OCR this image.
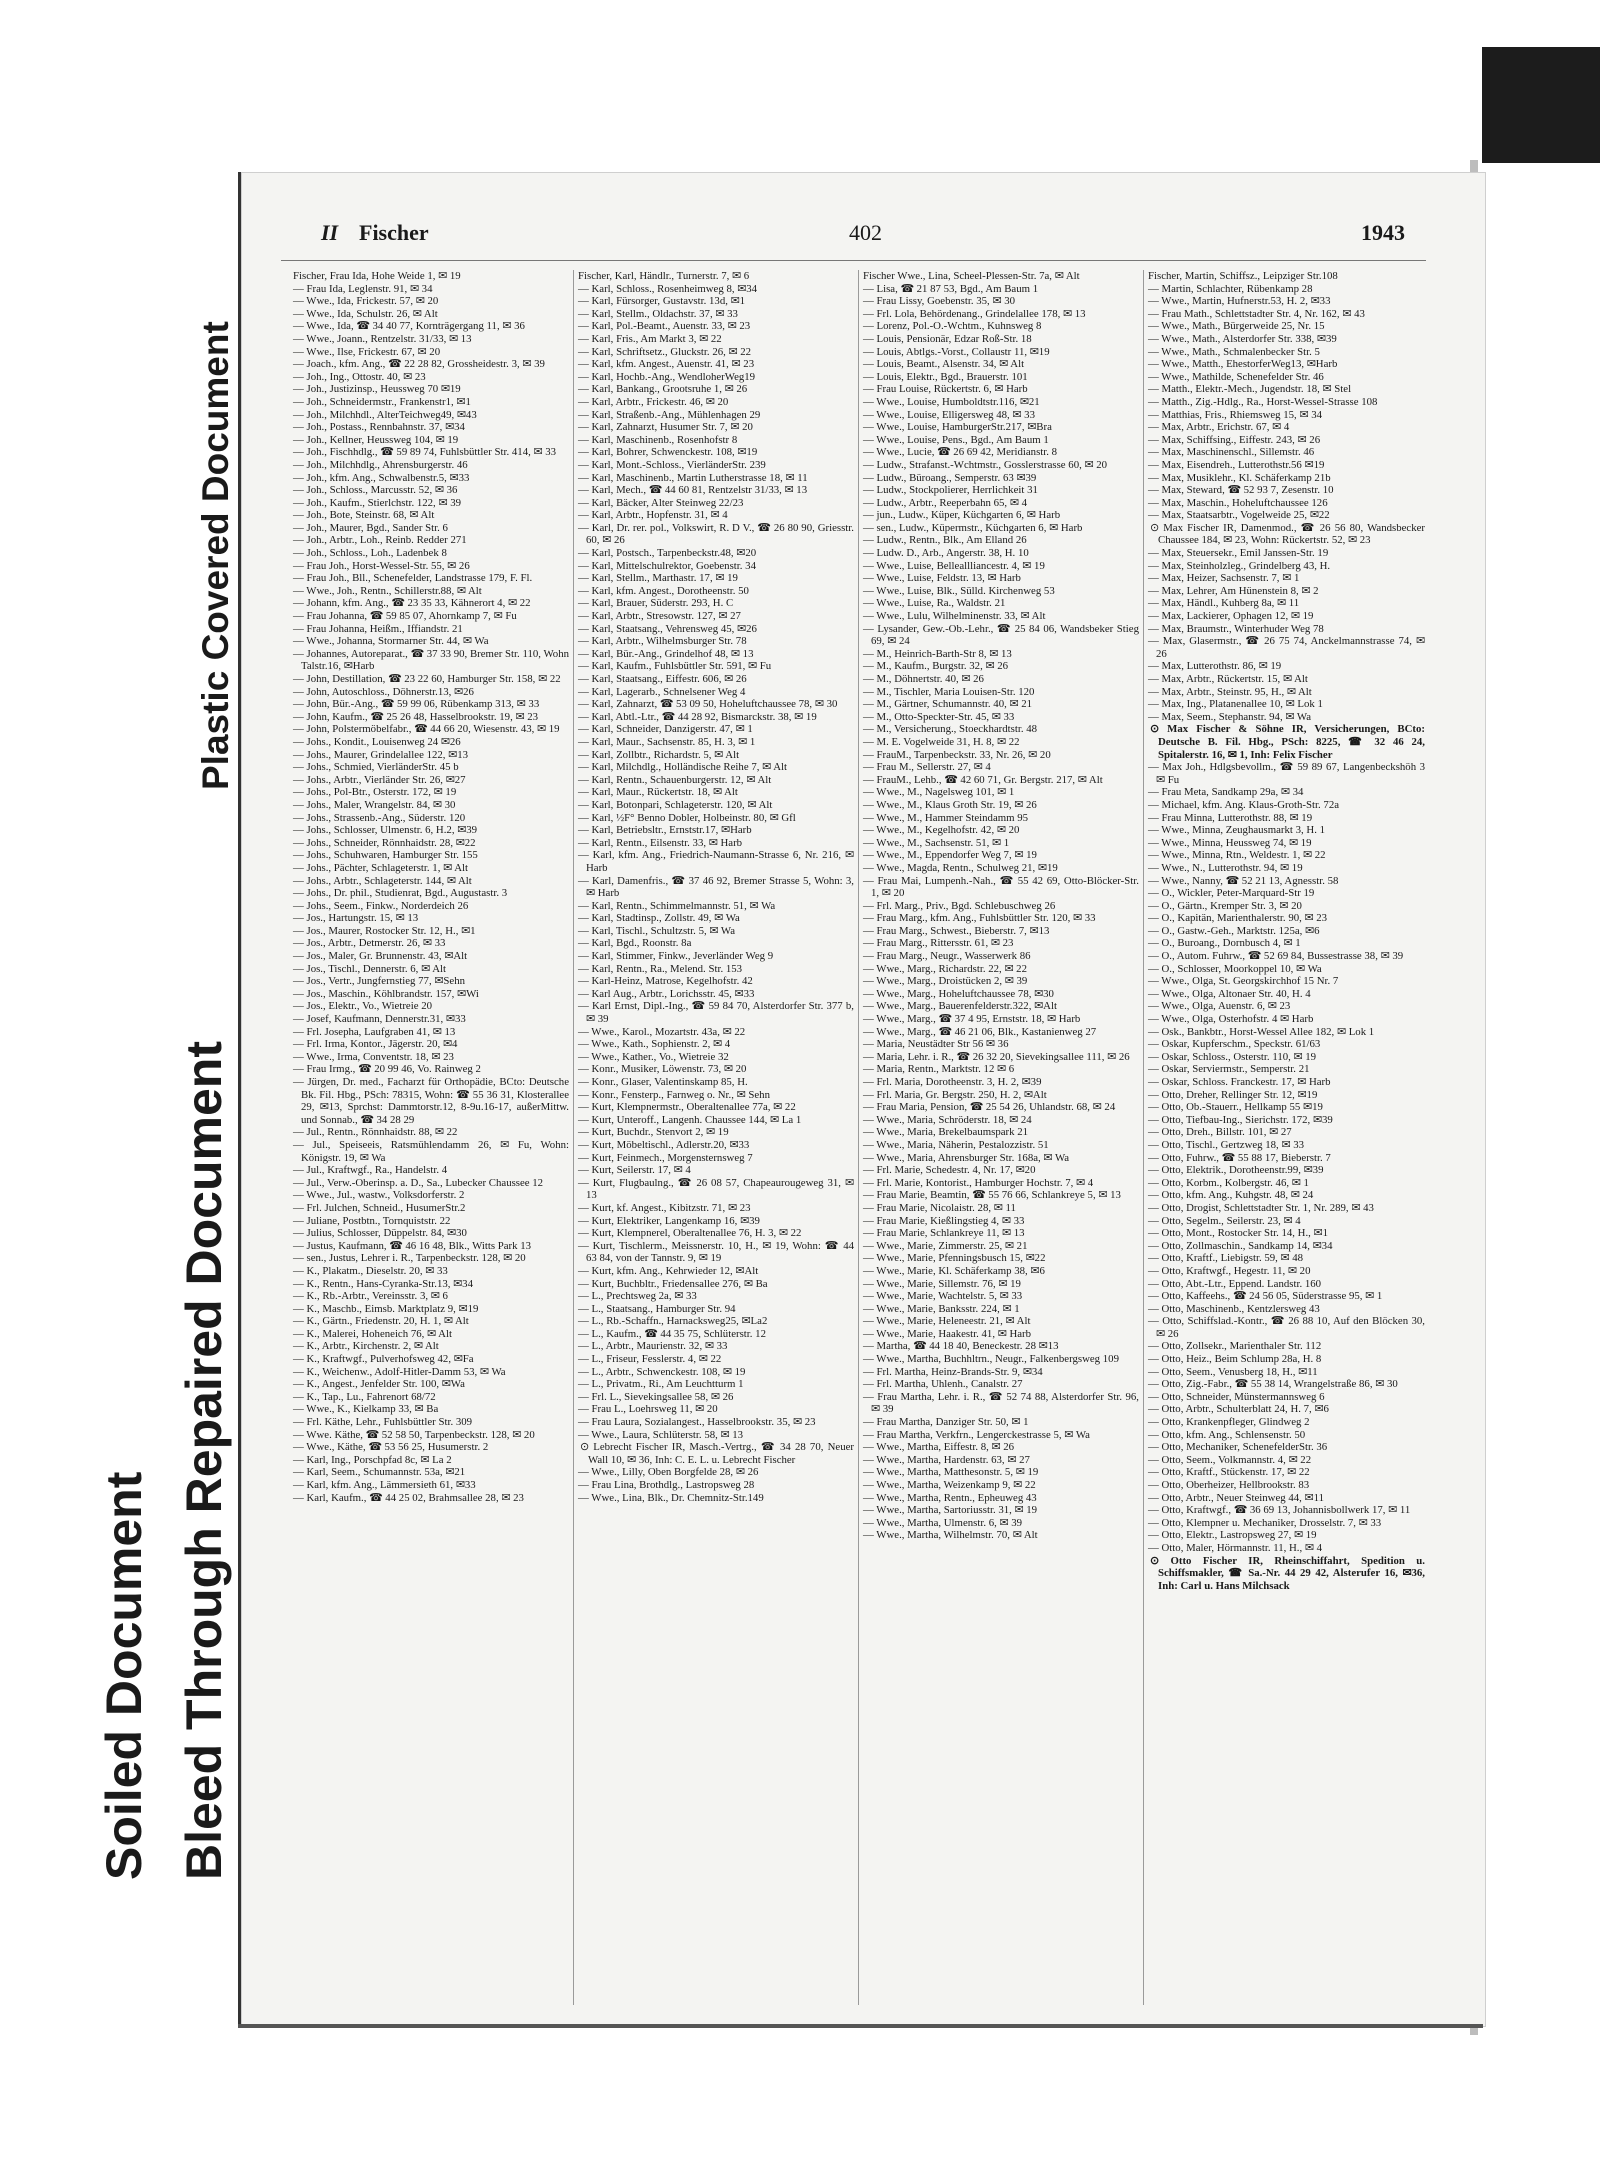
Soiled Document Bleed Through Repaired Document
Plastic Covered Document
II Fischer	402	1943

Fischer, Frau Ida, Hohe Weide 1, ✉ 19

— Frau Ida, Leglenstr. 91, ✉ 34

— Wwe., Ida, Frickestr. 57, ✉ 20

— Wwe., Ida, Schulstr. 26, ✉ Alt

— Wwe., Ida, ☎ 34 40 77, Kornträgergang 11, ✉ 36

— Wwe., Joann., Rentzelstr. 31/33, ✉ 13

— Wwe., Ilse, Frickestr. 67, ✉ 20

— Joach., kfm. Ang., ☎ 22 28 82, Grossheidestr. 3, ✉ 39

— Joh., Ing., Ottostr. 40, ✉ 23

— Joh., Justizinsp., Heussweg 70 ✉19

— Joh., Schneidermstr., Frankenstr1, ✉1

— Joh., Milchhdl., AlterTeichweg49, ✉43

— Joh., Postass., Rennbahnstr. 37, ✉34

— Joh., Kellner, Heussweg 104, ✉ 19

— Joh., Fischhdlg., ☎ 59 89 74, Fuhlsbüttler Str. 414, ✉ 33

— Joh., Milchhdlg., Ahrensburgerstr. 46

— Joh., kfm. Ang., Schwalbenstr.5, ✉33

— Joh., Schloss., Marcusstr. 52, ✉ 36

— Joh., Kaufm., Stierlchstr. 122, ✉ 39

— Joh., Bote, Steinstr. 68, ✉ Alt

— Joh., Maurer, Bgd., Sander Str. 6

— Joh., Arbtr., Loh., Reinb. Redder 271

— Joh., Schloss., Loh., Ladenbek 8

— Frau Joh., Horst-Wessel-Str. 55, ✉ 26

— Frau Joh., Bll., Schenefelder, Landstrasse 179, F. Fl.

— Wwe., Joh., Rentn., Schillerstr.88, ✉ Alt

— Johann, kfm. Ang., ☎ 23 35 33, Kähnerort 4, ✉ 22

— Frau Johanna, ☎ 59 85 07, Ahornkamp 7, ✉ Fu

— Frau Johanna, Heißm., Iffiandstr. 21

— Wwe., Johanna, Stormarner Str. 44, ✉ Wa

— Johannes, Autoreparat., ☎ 37 33 90, Bremer Str. 110, Wohn Talstr.16, ✉Harb

— John, Destillation, ☎ 23 22 60, Hamburger Str. 158, ✉ 22

— John, Autoschloss., Döhnerstr.13, ✉26

— John, Bür.-Ang., ☎ 59 99 06, Rübenkamp 313, ✉ 33

— John, Kaufm., ☎ 25 26 48, Hasselbrookstr. 19, ✉ 23

— John, Polstermöbelfabr., ☎ 44 66 20, Wiesenstr. 43, ✉ 19

— Johs., Kondit., Louisenweg 24 ✉26

— Johs., Maurer, Grindelallee 122, ✉13

— Johs., Schmied, VierländerStr. 45 b

— Johs., Arbtr., Vierländer Str. 26, ✉27

— Johs., Pol-Btr., Osterstr. 172, ✉ 19

— Johs., Maler, Wrangelstr. 84, ✉ 30

— Johs., Strassenb.-Ang., Süderstr. 120

— Johs., Schlosser, Ulmenstr. 6, H.2, ✉39

— Johs., Schneider, Rönnhaidstr. 28, ✉22

— Johs., Schuhwaren, Hamburger Str. 155

— Johs., Pächter, Schlageterstr. 1, ✉ Alt

— Johs., Arbtr., Schlageterstr. 144, ✉ Alt

— Johs., Dr. phil., Studienrat, Bgd., Augustastr. 3

— Johs., Seem., Finkw., Norderdeich 26

— Jos., Hartungstr. 15, ✉ 13

— Jos., Maurer, Rostocker Str. 12, H., ✉1

— Jos., Arbtr., Detmerstr. 26, ✉ 33

— Jos., Maler, Gr. Brunnenstr. 43, ✉Alt

— Jos., Tischl., Dennerstr. 6, ✉ Alt

— Jos., Vertr., Jungfernstieg 77, ✉Sehn

— Jos., Maschin., Köhlbrandstr. 157, ✉Wi

— Jos., Elektr., Vo., Wietreie 20

— Josef, Kaufmann, Dennerstr.31, ✉33

— Frl. Josepha, Laufgraben 41, ✉ 13

— Frl. Irma, Kontor., Jägerstr. 20, ✉4

— Wwe., Irma, Conventstr. 18, ✉ 23

— Frau Irmg., ☎ 20 99 46, Vo. Rainweg 2

— Jürgen, Dr. med., Facharzt für Orthopädie, BCto: Deutsche Bk. Fil. Hbg., PSch: 78315, Wohn: ☎ 55 36 31, Klosterallee 29, ✉13, Sprchst: Dammtorstr.12, 8-9u.16-17, außerMittw. und Sonnab., ☎ 34 28 29

— Jul., Rentn., Rönnhaidstr. 88, ✉ 22

— Jul., Speiseeis, Ratsmühlendamm 26, ✉ Fu, Wohn: Königstr. 19, ✉ Wa

— Jul., Kraftwgf., Ra., Handelstr. 4

— Jul., Verw.-Oberinsp. a. D., Sa., Lubecker Chaussee 12

— Wwe., Jul., wastw., Volksdorferstr. 2

— Frl. Julchen, Schneid., HusumerStr.2

— Juliane, Postbtn., Tornquiststr. 22

— Julius, Schlosser, Düppelstr. 84, ✉30

— Justus, Kaufmann, ☎ 46 16 48, Blk., Witts Park 13

— sen., Justus, Lehrer i. R., Tarpenbeckstr. 128, ✉ 20

— K., Plakatm., Dieselstr. 20, ✉ 33

— K., Rentn., Hans-Cyranka-Str.13, ✉34

— K., Rb.-Arbtr., Vereinsstr. 3, ✉ 6

— K., Maschb., Eimsb. Marktplatz 9, ✉19

— K., Gärtn., Friedenstr. 20, H. 1, ✉ Alt

— K., Malerei, Hoheneich 76, ✉ Alt

— K., Arbtr., Kirchenstr. 2, ✉ Alt

— K., Kraftwgf., Pulverhofsweg 42, ✉Fa

— K., Weichenw., Adolf-Hitler-Damm 53, ✉ Wa

— K., Angest., Jenfelder Str. 100, ✉Wa

— K., Tap., Lu., Fahrenort 68/72

— Wwe., K., Kielkamp 33, ✉ Ba

— Frl. Käthe, Lehr., Fuhlsbüttler Str. 309

— Wwe. Käthe, ☎ 52 58 50, Tarpenbeckstr. 128, ✉ 20

— Wwe., Käthe, ☎ 53 56 25, Husumerstr. 2

— Karl, Ing., Porschpfad 8c, ✉ La 2

— Karl, Seem., Schumannstr. 53a, ✉21

— Karl, kfm. Ang., Lämmersieth 61, ✉33

— Karl, Kaufm., ☎ 44 25 02, Brahmsallee 28, ✉ 23

Fischer, Karl, Händlr., Turnerstr. 7, ✉ 6

— Karl, Schloss., Rosenheimweg 8, ✉34

— Karl, Fürsorger, Gustavstr. 13d, ✉1

— Karl, Stellm., Oldachstr. 37, ✉ 33

— Karl, Pol.-Beamt., Auenstr. 33, ✉ 23

— Karl, Fris., Am Markt 3, ✉ 22

— Karl, Schriftsetz., Gluckstr. 26, ✉ 22

— Karl, kfm. Angest., Auenstr. 41, ✉ 23

— Karl, Hochb.-Ang., WendloherWeg19

— Karl, Bankang., Grootsruhe 1, ✉ 26

— Karl, Arbtr., Frickestr. 46, ✉ 20

— Karl, Straßenb.-Ang., Mühlenhagen 29

— Karl, Zahnarzt, Husumer Str. 7, ✉ 20

— Karl, Maschinenb., Rosenhofstr 8

— Karl, Bohrer, Schwenckestr. 108, ✉19

— Karl, Mont.-Schloss., VierländerStr. 239

— Karl, Maschinenb., Martin Lutherstrasse 18, ✉ 11

— Karl, Mech., ☎ 44 60 81, Rentzelstr 31/33, ✉ 13

— Karl, Bäcker, Alter Steinweg 22/23

— Karl, Arbtr., Hopfenstr. 31, ✉ 4

— Karl, Dr. rer. pol., Volkswirt, R. D V., ☎ 26 80 90, Griesstr. 60, ✉ 26

— Karl, Postsch., Tarpenbeckstr.48, ✉20

— Karl, Mittelschulrektor, Goebenstr. 34

— Karl, Stellm., Marthastr. 17, ✉ 19

— Karl, kfm. Angest., Dorotheenstr. 50

— Karl, Brauer, Süderstr. 293, H. C

— Karl, Arbtr., Stresowstr. 127, ✉ 27

— Karl, Staatsang., Vehrensweg 45, ✉26

— Karl, Arbtr., Wilhelmsburger Str. 78

— Karl, Bür.-Ang., Grindelhof 48, ✉ 13

— Karl, Kaufm., Fuhlsbüttler Str. 591, ✉ Fu

— Karl, Staatsang., Eiffestr. 606, ✉ 26

— Karl, Lagerarb., Schnelsener Weg 4

— Karl, Zahnarzt, ☎ 53 09 50, Hoheluftchaussee 78, ✉ 30

— Karl, Abtl.-Ltr., ☎ 44 28 92, Bismarckstr. 38, ✉ 19

— Karl, Schneider, Danzigerstr. 47, ✉ 1

— Karl, Maur., Sachsenstr. 85, H. 3, ✉ 1

— Karl, Zollbtr., Richardstr. 5, ✉ Alt

— Karl, Milchdlg., Holländische Reihe 7, ✉ Alt

— Karl, Rentn., Schauenburgerstr. 12, ✉ Alt

— Karl, Maur., Rückertstr. 18, ✉ Alt

— Karl, Botonpari, Schlageterstr. 120, ✉ Alt

— Karl, ½F° Benno Dobler, Holbeinstr. 80, ✉ Gfl

— Karl, Betriebsltr., Ernststr.17, ✉Harb

— Karl, Rentn., Eilsenstr. 33, ✉ Harb

— Karl, kfm. Ang., Friedrich-Naumann-Strasse 6, Nr. 216, ✉ Harb

— Karl, Damenfris., ☎ 37 46 92, Bremer Strasse 5, Wohn: 3, ✉ Harb

— Karl, Rentn., Schimmelmannstr. 51, ✉ Wa

— Karl, Stadtinsp., Zollstr. 49, ✉ Wa

— Karl, Tischl., Schultzstr. 5, ✉ Wa

— Karl, Bgd., Roonstr. 8a

— Karl, Stimmer, Finkw., Jeverländer Weg 9

— Karl, Rentn., Ra., Melend. Str. 153

— Karl-Heinz, Matrose, Kegelhofstr. 42

— Karl Aug., Arbtr., Lorichsstr. 45, ✉33

— Karl Ernst, Dipl.-Ing., ☎ 59 84 70, Alsterdorfer Str. 377 b, ✉ 39

— Wwe., Karol., Mozartstr. 43a, ✉ 22

— Wwe., Kath., Sophienstr. 2, ✉ 4

— Wwe., Kather., Vo., Wietreie 32

— Konr., Musiker, Löwenstr. 73, ✉ 20

— Konr., Glaser, Valentinskamp 85, H.

— Konr., Fensterp., Farnweg o. Nr., ✉ Sehn

— Kurt, Klempnermstr., Oberaltenallee 77a, ✉ 22

— Kurt, Unteroff., Langenh. Chaussee 144, ✉ La 1

— Kurt, Buchdr., Stenvort 2, ✉ 19

— Kurt, Möbeltischl., Adlerstr.20, ✉33

— Kurt, Feinmech., Morgensternsweg 7

— Kurt, Seilerstr. 17, ✉ 4

— Kurt, Flugbaulng., ☎ 26 08 57, Chapeaurougeweg 31, ✉ 13

— Kurt, kf. Angest., Kibitzstr. 71, ✉ 23

— Kurt, Elektriker, Langenkamp 16, ✉39

— Kurt, Klempnerel, Oberaltenallee 76, H. 3, ✉ 22

— Kurt, Tischlerm., Meissnerstr. 10, H., ✉ 19, Wohn: ☎ 44 63 84, von der Tannstr. 9, ✉ 19

— Kurt, kfm. Ang., Kehrwieder 12, ✉Alt

— Kurt, Buchbltr., Friedensallee 276, ✉ Ba

— L., Prechtsweg 2a, ✉ 33

— L., Staatsang., Hamburger Str. 94

— L., Rb.-Schaffn., Harnacksweg25, ✉La2

— L., Kaufm., ☎ 44 35 75, Schlüterstr. 12

— L., Arbtr., Maurienstr. 32, ✉ 33

— L., Friseur, Fesslerstr. 4, ✉ 22

— L., Arbtr., Schwenckestr. 108, ✉ 19

— L., Privatm., Ri., Am Leuchtturm 1

— Frl. L., Sievekingsallee 58, ✉ 26

— Frau L., Loehrsweg 11, ✉ 20

— Frau Laura, Sozialangest., Hasselbrookstr. 35, ✉ 23

— Wwe., Laura, Schlüterstr. 58, ✉ 13

⊙ Lebrecht Fischer IR, Masch.-Vertrg., ☎ 34 28 70, Neuer Wall 10, ✉ 36, Inh: C. E. L. u. Lebrecht Fischer

— Wwe., Lilly, Oben Borgfelde 28, ✉ 26

— Frau Lina, Brothdlg., Lastropsweg 28

— Wwe., Lina, Blk., Dr. Chemnitz-Str.149

Fischer Wwe., Lina, Scheel-Plessen-Str. 7a, ✉ Alt

— Lisa, ☎ 21 87 53, Bgd., Am Baum 1

— Frau Lissy, Goebenstr. 35, ✉ 30

— Frl. Lola, Behördenang., Grindelallee 178, ✉ 13

— Lorenz, Pol.-O.-Wchtm., Kuhnsweg 8

— Louis, Pensionär, Edzar Roß-Str. 18

— Louis, Abtlgs.-Vorst., Collaustr 11, ✉19

— Louis, Beamt., Alsenstr. 34, ✉ Alt

— Louis, Elektr., Bgd., Brauerstr. 101

— Frau Louise, Rückertstr. 6, ✉ Harb

— Wwe., Louise, Humboldtstr.116, ✉21

— Wwe., Louise, Elligersweg 48, ✉ 33

— Wwe., Louise, HamburgerStr.217, ✉Bra

— Wwe., Louise, Pens., Bgd., Am Baum 1

— Wwe., Lucie, ☎ 26 69 42, Meridianstr. 8

— Ludw., Strafanst.-Wchtmstr., Gosslerstrasse 60, ✉ 20

— Ludw., Büroang., Semperstr. 63 ✉39

— Ludw., Stockpolierer, Herrlichkeit 31

— Ludw., Arbtr., Reeperbahn 65, ✉ 4

— jun., Ludw., Küper, Küchgarten 6, ✉ Harb

— sen., Ludw., Küpermstr., Küchgarten 6, ✉ Harb

— Ludw., Rentn., Blk., Am Elland 26

— Ludw. D., Arb., Angerstr. 38, H. 10

— Wwe., Luise, Belleallliancestr. 4, ✉ 19

— Wwe., Luise, Feldstr. 13, ✉ Harb

— Wwe., Luise, Blk., Sülld. Kirchenweg 53

— Wwe., Luise, Ra., Waldstr. 21

— Wwe., Lulu, Wilhelminenstr. 33, ✉ Alt

— Lysander, Gew.-Ob.-Lehr., ☎ 25 84 06, Wandsbeker Stieg 69, ✉ 24

— M., Heinrich-Barth-Str 8, ✉ 13

— M., Kaufm., Burgstr. 32, ✉ 26

— M., Döhnertstr. 40, ✉ 26

— M., Tischler, Maria Louisen-Str. 120

— M., Gärtner, Schumannstr. 40, ✉ 21

— M., Otto-Speckter-Str. 45, ✉ 33

— M., Versicherung., Stoeckhardtstr. 48

— M. E. Vogelweide 31, H. 8, ✉ 22

— FrauM., Tarpenbeckstr. 33, Nr. 26, ✉ 20

— Frau M., Sellerstr. 27, ✉ 4

— FrauM., Lehb., ☎ 42 60 71, Gr. Bergstr. 217, ✉ Alt

— Wwe., M., Nagelsweg 101, ✉ 1

— Wwe., M., Klaus Groth Str. 19, ✉ 26

— Wwe., M., Hammer Steindamm 95

— Wwe., M., Kegelhofstr. 42, ✉ 20

— Wwe., M., Sachsenstr. 51, ✉ 1

— Wwe., M., Eppendorfer Weg 7, ✉ 19

— Wwe., Magda, Rentn., Schulweg 21, ✉19

— Frau Mai, Lumpenh.-Nah., ☎ 55 42 69, Otto-Blöcker-Str. 1, ✉ 20

— Frl. Marg., Priv., Bgd. Schlebuschweg 26

— Frau Marg., kfm. Ang., Fuhlsbüttler Str. 120, ✉ 33

— Frau Marg., Schwest., Bieberstr. 7, ✉13

— Frau Marg., Rittersstr. 61, ✉ 23

— Frau Marg., Neugr., Wasserwerk 86

— Wwe., Marg., Richardstr. 22, ✉ 22

— Wwe., Marg., Droistücken 2, ✉ 39

— Wwe., Marg., Hoheluftchaussee 78, ✉30

— Wwe., Marg., Bauerenfelderstr.322, ✉Alt

— Wwe., Marg., ☎ 37 4 95, Ernststr. 18, ✉ Harb

— Wwe., Marg., ☎ 46 21 06, Blk., Kastanienweg 27

— Maria, Neustädter Str 56 ✉ 36

— Maria, Lehr. i. R., ☎ 26 32 20, Sievekingsallee 111, ✉ 26

— Maria, Rentn., Marktstr. 12 ✉ 6

— Frl. Maria, Dorotheenstr. 3, H. 2, ✉39

— Frl. Maria, Gr. Bergstr. 250, H. 2, ✉Alt

— Frau Maria, Pension, ☎ 25 54 26, Uhlandstr. 68, ✉ 24

— Wwe., Maria, Schröderstr. 18, ✉ 24

— Wwe., Maria, Brekelbaumspark 21

— Wwe., Maria, Näherin, Pestalozzistr. 51

— Wwe., Maria, Ahrensburger Str. 168a, ✉ Wa

— Frl. Marie, Schedestr. 4, Nr. 17, ✉20

— Frl. Marie, Kontorist., Hamburger Hochstr. 7, ✉ 4

— Frau Marie, Beamtin, ☎ 55 76 66, Schlankreye 5, ✉ 13

— Frau Marie, Nicolaistr. 28, ✉ 11

— Frau Marie, Kießlingstieg 4, ✉ 33

— Frau Marie, Schlankreye 11, ✉ 13

— Wwe., Marie, Zimmerstr. 25, ✉ 21

— Wwe., Marie, Pfenningsbusch 15, ✉22

— Wwe., Marie, Kl. Schäferkamp 38, ✉6

— Wwe., Marie, Sillemstr. 76, ✉ 19

— Wwe., Marie, Wachtelstr. 5, ✉ 33

— Wwe., Marie, Banksstr. 224, ✉ 1

— Wwe., Marie, Heleneestr. 21, ✉ Alt

— Wwe., Marie, Haakestr. 41, ✉ Harb

— Martha, ☎ 44 18 40, Beneckestr. 28 ✉13

— Wwe., Martha, Buchhltrn., Neugr., Falkenbergsweg 109

— Frl. Martha, Heinz-Brands-Str. 9, ✉34

— Frl. Martha, Uhlenh., Canalstr. 27

— Frau Martha, Lehr. i. R., ☎ 52 74 88, Alsterdorfer Str. 96, ✉ 39

— Frau Martha, Danziger Str. 50, ✉ 1

— Frau Martha, Verkfrn., Lengerckestrasse 5, ✉ Wa

— Wwe., Martha, Eiffestr. 8, ✉ 26

— Wwe., Martha, Hardenstr. 63, ✉ 27

— Wwe., Martha, Matthesonstr. 5, ✉ 19

— Wwe., Martha, Weizenkamp 9, ✉ 22

— Wwe., Martha, Rentn., Epheuweg 43

— Wwe., Martha, Sartoriusstr. 31, ✉ 19

— Wwe., Martha, Ulmenstr. 6, ✉ 39

— Wwe., Martha, Wilhelmstr. 70, ✉ Alt

Fischer, Martin, Schiffsz., Leipziger Str.108

— Martin, Schlachter, Rübenkamp 28

— Wwe., Martin, Hufnerstr.53, H. 2, ✉33

— Frau Math., Schlettstadter Str. 4, Nr. 162, ✉ 43

— Wwe., Math., Bürgerweide 25, Nr. 15

— Wwe., Math., Alsterdorfer Str. 338, ✉39

— Wwe., Math., Schmalenbecker Str. 5

— Wwe., Matth., EhestorferWeg13, ✉Harb

— Wwe., Mathilde, Schenefelder Str. 46

— Matth., Elektr.-Mech., Jugendstr. 18, ✉ Stel

— Matth., Zig.-Hdlg., Ra., Horst-Wessel-Strasse 108

— Matthias, Fris., Rhiemsweg 15, ✉ 34

— Max, Arbtr., Erichstr. 67, ✉ 4

— Max, Schiffsing., Eiffestr. 243, ✉ 26

— Max, Maschinenschl., Sillemstr. 46

— Max, Eisendreh., Lutterothstr.56 ✉19

— Max, Musiklehr., Kl. Schäferkamp 21b

— Max, Steward, ☎ 52 93 7, Zesenstr. 10

— Max, Maschin., Hoheluftchaussee 126

— Max, Staatsarbtr., Vogelweide 25, ✉22

⊙ Max Fischer IR, Damenmod., ☎ 26 56 80, Wandsbecker Chaussee 184, ✉ 23, Wohn: Rückertstr. 52, ✉ 23

— Max, Steuersekr., Emil Janssen-Str. 19

— Max, Steinholzleg., Grindelberg 43, H.

— Max, Heizer, Sachsenstr. 7, ✉ 1

— Max, Lehrer, Am Hünenstein 8, ✉ 2

— Max, Händl., Kuhberg 8a, ✉ 11

— Max, Lackierer, Ophagen 12, ✉ 19

— Max, Braumstr., Winterhuder Weg 78

— Max, Glasermstr., ☎ 26 75 74, Anckelmannstrasse 74, ✉ 26

— Max, Lutterothstr. 86, ✉ 19

— Max, Arbtr., Rückertstr. 15, ✉ Alt

— Max, Arbtr., Steinstr. 95, H., ✉ Alt

— Max, Ing., Platanenallee 10, ✉ Lok 1

— Max, Seem., Stephanstr. 94, ✉ Wa

⊙ Max Fischer & Söhne IR, Versicherungen, BCto: Deutsche B. Fil. Hbg., PSch: 8225, ☎ 32 46 24, Spitalerstr. 16, ✉ 1, Inh: Felix Fischer

— Max Joh., Hdlgsbevollm., ☎ 59 89 67, Langenbeckshöh 3 ✉ Fu

— Frau Meta, Sandkamp 29a, ✉ 34

— Michael, kfm. Ang. Klaus-Groth-Str. 72a

— Frau Minna, Lutterothstr. 88, ✉ 19

— Wwe., Minna, Zeughausmarkt 3, H. 1

— Wwe., Minna, Heussweg 74, ✉ 19

— Wwe., Minna, Rtn., Weldestr. 1, ✉ 22

— Wwe., N., Lutterothstr. 94, ✉ 19

— Wwe., Nanny, ☎ 52 21 13, Agnesstr. 58

— O., Wickler, Peter-Marquard-Str 19

— O., Gärtn., Kremper Str. 3, ✉ 20

— O., Kapitän, Marienthalerstr. 90, ✉ 23

— O., Gastw.-Geh., Marktstr. 125a, ✉6

— O., Buroang., Dornbusch 4, ✉ 1

— O., Autom. Fuhrw., ☎ 52 69 84, Bussestrasse 38, ✉ 39

— O., Schlosser, Moorkoppel 10, ✉ Wa

— Wwe., Olga, St. Georgskirchhof 15 Nr. 7

— Wwe., Olga, Altonaer Str. 40, H. 4

— Wwe., Olga, Auenstr. 6, ✉ 23

— Wwe., Olga, Osterhofstr. 4 ✉ Harb

— Osk., Bankbtr., Horst-Wessel Allee 182, ✉ Lok 1

— Oskar, Kupferschm., Speckstr. 61/63

— Oskar, Schloss., Osterstr. 110, ✉ 19

— Oskar, Serviermstr., Semperstr. 21

— Oskar, Schloss. Franckestr. 17, ✉ Harb

— Otto, Dreher, Rellinger Str. 12, ✉19

— Otto, Ob.-Stauerr., Hellkamp 55 ✉19

— Otto, Tiefbau-Ing., Sierichstr. 172, ✉39

— Otto, Dreh., Billstr. 101, ✉ 27

— Otto, Tischl., Gertzweg 18, ✉ 33

— Otto, Fuhrw., ☎ 55 88 17, Bieberstr. 7

— Otto, Elektrik., Dorotheenstr.99, ✉39

— Otto, Korbm., Kolbergstr. 46, ✉ 1

— Otto, kfm. Ang., Kuhgstr. 48, ✉ 24

— Otto, Drogist, Schlettstadter Str. 1, Nr. 289, ✉ 43

— Otto, Segelm., Seilerstr. 23, ✉ 4

— Otto, Mont., Rostocker Str. 14, H., ✉1

— Otto, Zollmaschin., Sandkamp 14, ✉34

— Otto, Kraftf., Liebigstr. 59, ✉ 48

— Otto, Kraftwgf., Hegestr. 11, ✉ 20

— Otto, Abt.-Ltr., Eppend. Landstr. 160

— Otto, Kaffeehs., ☎ 24 56 05, Süderstrasse 95, ✉ 1

— Otto, Maschinenb., Kentzlersweg 43

— Otto, Schiffslad.-Kontr., ☎ 26 88 10, Auf den Blöcken 30, ✉ 26

— Otto, Zollsekr., Marienthaler Str. 112

— Otto, Heiz., Beim Schlump 28a, H. 8

— Otto, Seem., Venusberg 18, H., ✉11

— Otto, Zig.-Fabr., ☎ 55 38 14, Wrangelstraße 86, ✉ 30

— Otto, Schneider, Münstermannsweg 6

— Otto, Arbtr., Schulterblatt 24, H. 7, ✉6

— Otto, Krankenpfleger, Glindweg 2

— Otto, kfm. Ang., Schlensenstr. 50

— Otto, Mechaniker, SchenefelderStr. 36

— Otto, Seem., Volkmannstr. 4, ✉ 22

— Otto, Kraftf., Stückenstr. 17, ✉ 22

— Otto, Oberheizer, Hellbrookstr. 83

— Otto, Arbtr., Neuer Steinweg 44, ✉11

— Otto, Kraftwgf., ☎ 36 69 13, Johannisbollwerk 17, ✉ 11

— Otto, Klempner u. Mechaniker, Drosselstr. 7, ✉ 33

— Otto, Elektr., Lastropsweg 27, ✉ 19

— Otto, Maler, Hörmannstr. 11, H., ✉ 4

⊙ Otto Fischer IR, Rheinschiffahrt, Spedition u. Schiffsmakler, ☎ Sa.-Nr. 44 29 42, Alsterufer 16, ✉36, Inh: Carl u. Hans Milchsack
